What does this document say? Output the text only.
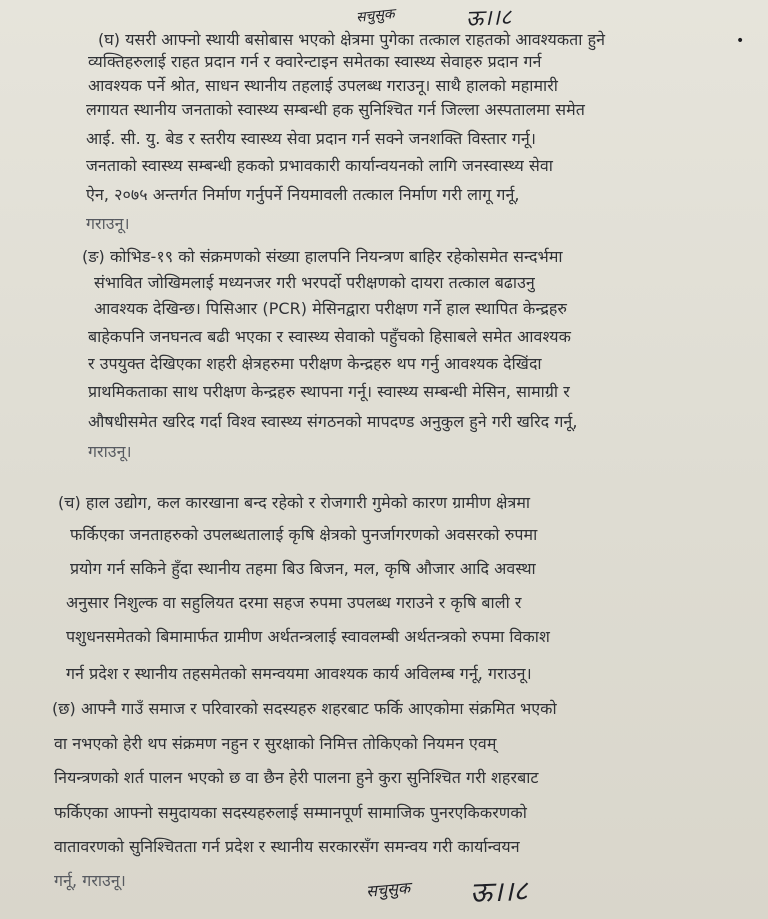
सचुसुक	ऊ।।८
•
(घ) यसरी आफ्नो स्थायी बसोबास भएको क्षेत्रमा पुगेका तत्काल राहतको आवश्यकता हुने
व्यक्तिहरुलाई राहत प्रदान गर्न र क्वारेन्टाइन समेतका स्वास्थ्य सेवाहरु प्रदान गर्न
आवश्यक पर्ने श्रोत, साधन स्थानीय तहलाई उपलब्ध गराउनू। साथै हालको महामारी
लगायत स्थानीय जनताको स्वास्थ्य सम्बन्धी हक सुनिश्चित गर्न जिल्ला अस्पतालमा समेत
आई. सी. यु. बेड र स्तरीय स्वास्थ्य सेवा प्रदान गर्न सक्ने जनशक्ति विस्तार गर्नू।
जनताको स्वास्थ्य सम्बन्धी हकको प्रभावकारी कार्यान्वयनको लागि जनस्वास्थ्य सेवा
ऐन, २०७५ अन्तर्गत निर्माण गर्नुपर्ने नियमावली तत्काल निर्माण गरी लागू गर्नू,
गराउनू।
(ङ) कोभिड-१९ को संक्रमणको संख्या हालपनि नियन्त्रण बाहिर रहेकोसमेत सन्दर्भमा
संभावित जोखिमलाई मध्यनजर गरी भरपर्दो परीक्षणको दायरा तत्काल बढाउनु
आवश्यक देखिन्छ। पिसिआर (PCR) मेसिनद्वारा परीक्षण गर्ने हाल स्थापित केन्द्रहरु
बाहेकपनि जनघनत्व बढी भएका र स्वास्थ्य सेवाको पहुँचको हिसाबले समेत आवश्यक
र उपयुक्त देखिएका शहरी क्षेत्रहरुमा परीक्षण केन्द्रहरु थप गर्नु आवश्यक देखिंदा
प्राथमिकताका साथ परीक्षण केन्द्रहरु स्थापना गर्नू। स्वास्थ्य सम्बन्धी मेसिन, सामाग्री र
औषधीसमेत खरिद गर्दा विश्व स्वास्थ्य संगठनको मापदण्ड अनुकुल हुने गरी खरिद गर्नू,
गराउनू।
(च) हाल उद्योग, कल कारखाना बन्द रहेको र रोजगारी गुमेको कारण ग्रामीण क्षेत्रमा
फर्किएका जनताहरुको उपलब्धतालाई कृषि क्षेत्रको पुनर्जागरणको अवसरको रुपमा
प्रयोग गर्न सकिने हुँदा स्थानीय तहमा बिउ बिजन, मल, कृषि औजार आदि अवस्था
अनुसार निशुल्क वा सहुलियत दरमा सहज रुपमा उपलब्ध गराउने र कृषि बाली र
पशुधनसमेतको बिमामार्फत ग्रामीण अर्थतन्त्रलाई स्वावलम्बी अर्थतन्त्रको रुपमा विकाश
गर्न प्रदेश र स्थानीय तहसमेतको समन्वयमा आवश्यक कार्य अविलम्ब गर्नू, गराउनू।
(छ) आफ्नै गाउँ समाज र परिवारको सदस्यहरु शहरबाट फर्कि आएकोमा संक्रमित भएको
वा नभएको हेरी थप संक्रमण नहुन र सुरक्षाको निमित्त तोकिएको नियमन एवम्
नियन्त्रणको शर्त पालन भएको छ वा छैन हेरी पालना हुने कुरा सुनिश्चित गरी शहरबाट
फर्किएका आफ्नो समुदायका सदस्यहरुलाई सम्मानपूर्ण सामाजिक पुनरएकिकरणको
वातावरणको सुनिश्चितता गर्न प्रदेश र स्थानीय सरकारसँग समन्वय गरी कार्यान्वयन
गर्नू, गराउनू।	सचुसुक ऊ।।८
